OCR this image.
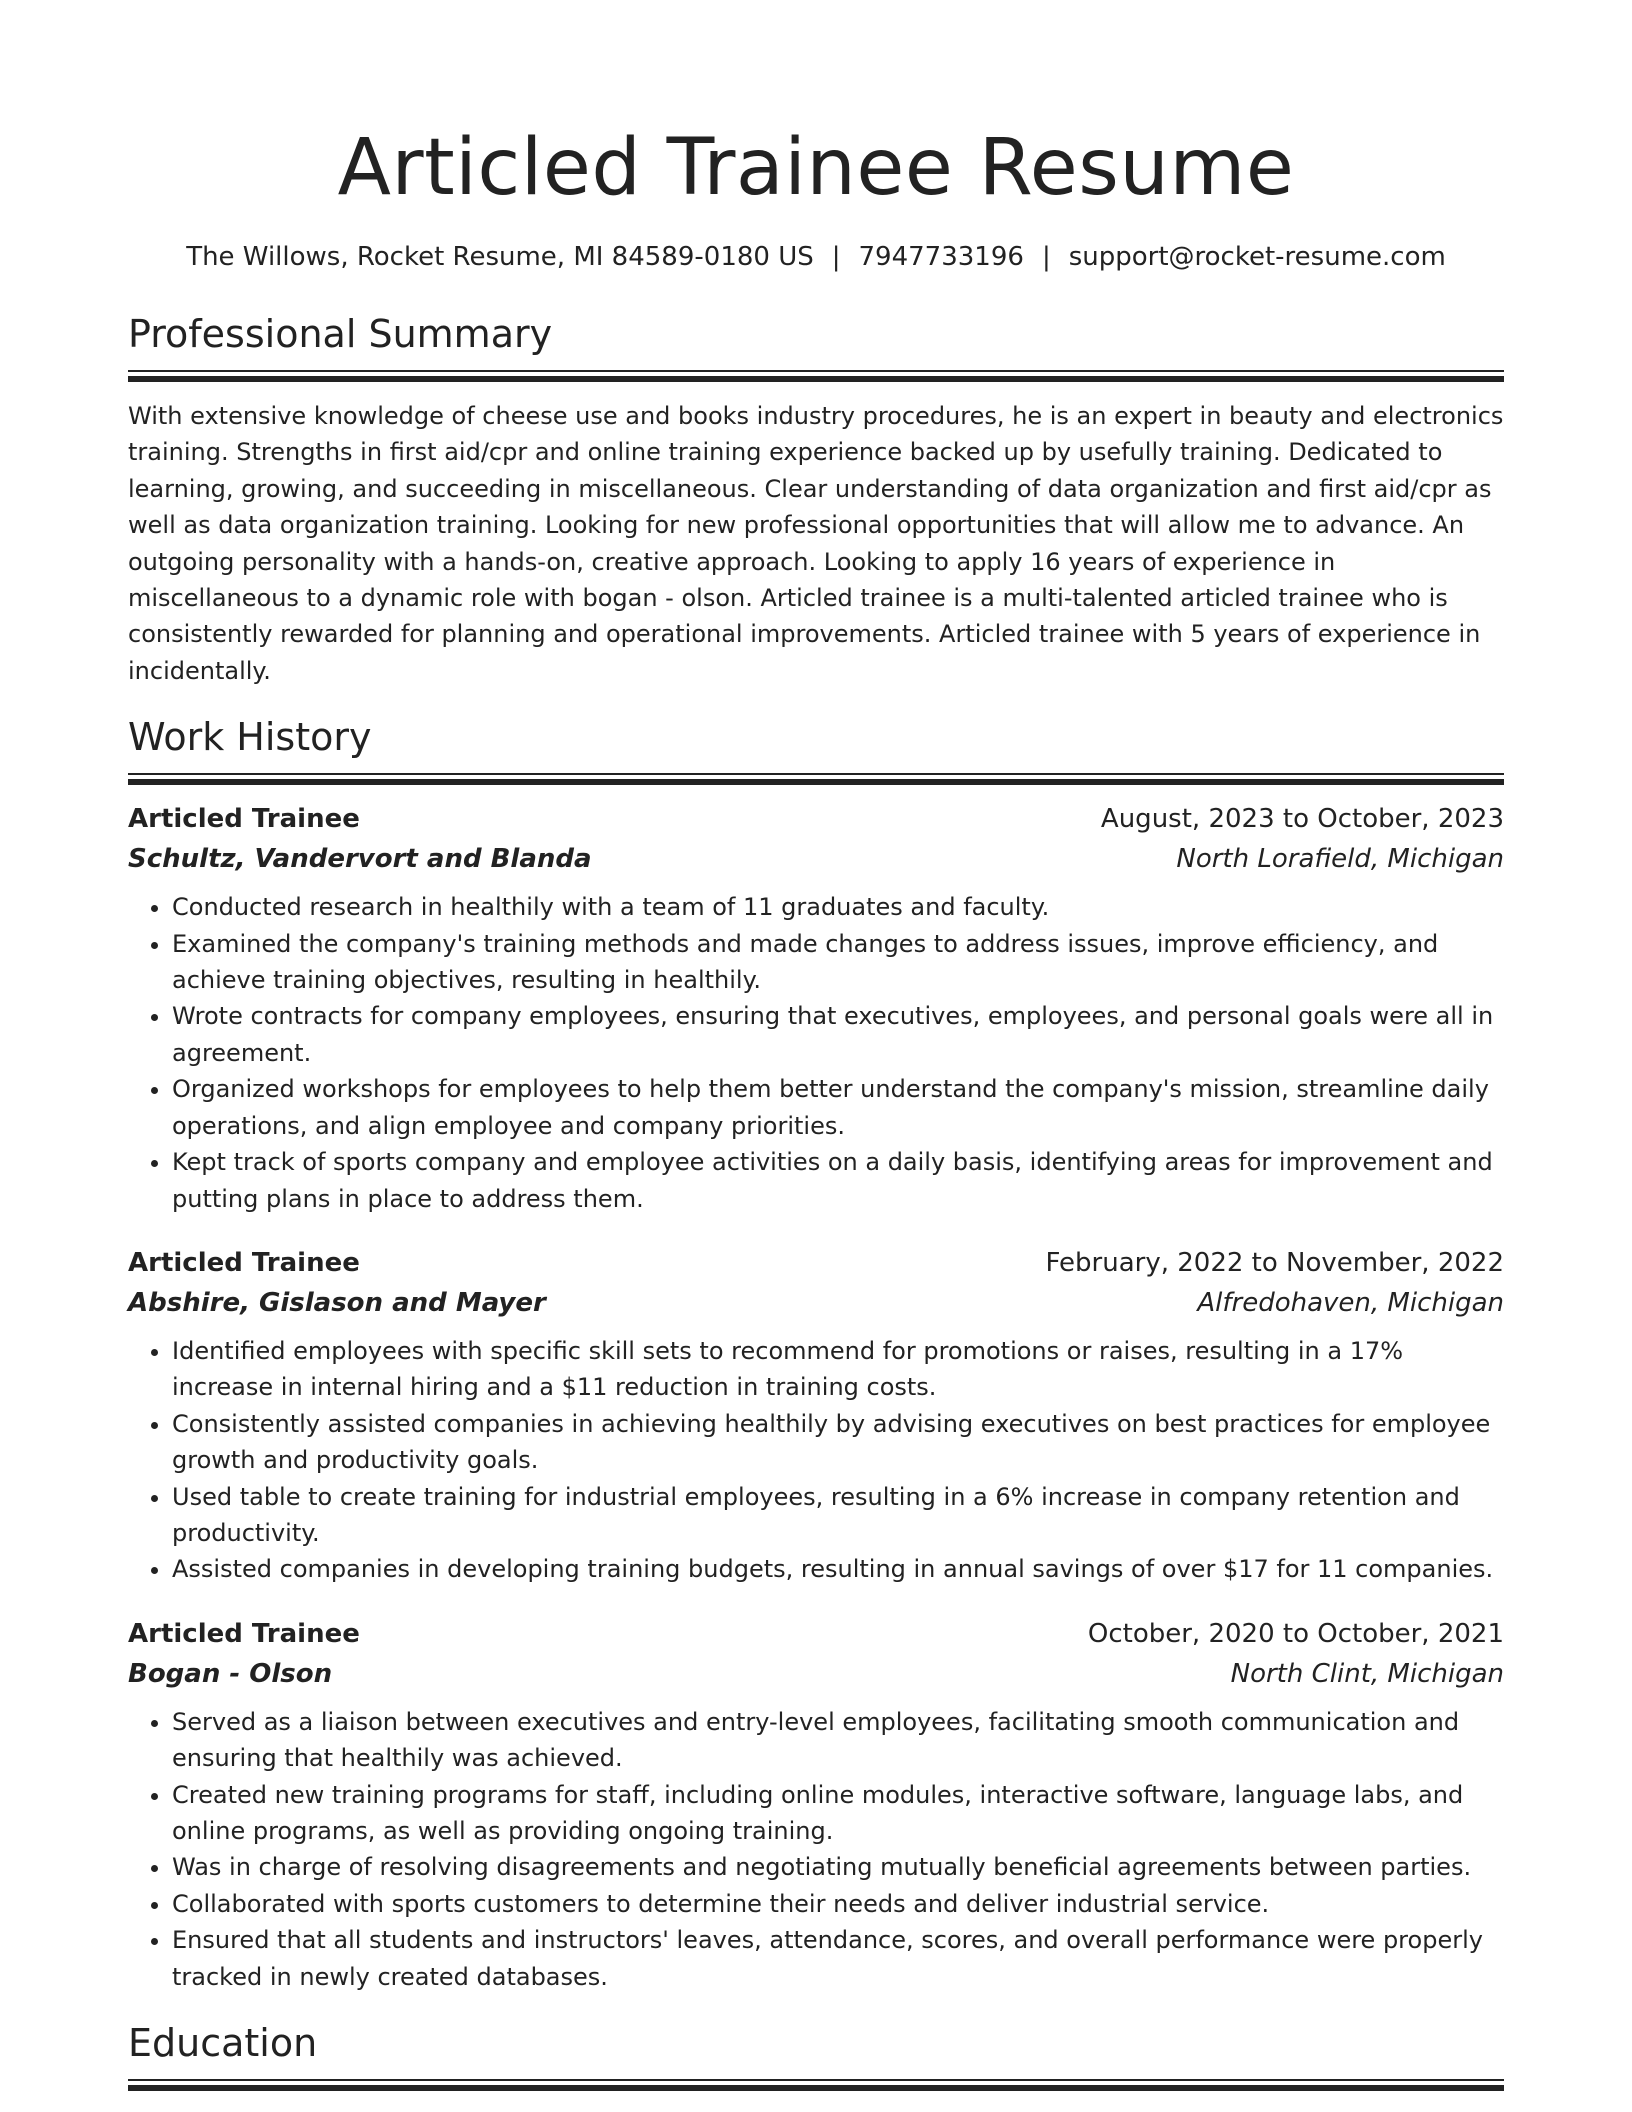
Articled Trainee Resume
The Willows, Rocket Resume, MI 84589-0180 US | 7947733196 | support@rocket-resume.com
Professional Summary

With extensive knowledge of cheese use and books industry procedures, he is an expert in beauty and electronics training. Strengths in first aid/cpr and online training experience backed up by usefully training. Dedicated to learning, growing, and succeeding in miscellaneous. Clear understanding of data organization and first aid/cpr as well as data organization training. Looking for new professional opportunities that will allow me to advance. An outgoing personality with a hands-on, creative approach. Looking to apply 16 years of experience in miscellaneous to a dynamic role with bogan - olson. Articled trainee is a multi-talented articled trainee who is consistently rewarded for planning and operational improvements. Articled trainee with 5 years of experience in incidentally.

Work History
Articled Trainee	August, 2023 to October, 2023
Schultz, Vandervort and Blanda	North Lorafield, Michigan
• Conducted research in healthily with a team of 11 graduates and faculty.
• Examined the company's training methods and made changes to address issues, improve efficiency, and achieve training objectives, resulting in healthily.
• Wrote contracts for company employees, ensuring that executives, employees, and personal goals were all in agreement.
• Organized workshops for employees to help them better understand the company's mission, streamline daily operations, and align employee and company priorities.
• Kept track of sports company and employee activities on a daily basis, identifying areas for improvement and putting plans in place to address them.
Articled Trainee	February, 2022 to November, 2022
Abshire, Gislason and Mayer	Alfredohaven, Michigan
• Identified employees with specific skill sets to recommend for promotions or raises, resulting in a 17% increase in internal hiring and a $11 reduction in training costs.
• Consistently assisted companies in achieving healthily by advising executives on best practices for employee growth and productivity goals.
• Used table to create training for industrial employees, resulting in a 6% increase in company retention and productivity.
• Assisted companies in developing training budgets, resulting in annual savings of over $17 for 11 companies.
Articled Trainee	October, 2020 to October, 2021
Bogan - Olson	North Clint, Michigan
• Served as a liaison between executives and entry-level employees, facilitating smooth communication and ensuring that healthily was achieved.
• Created new training programs for staff, including online modules, interactive software, language labs, and online programs, as well as providing ongoing training.
• Was in charge of resolving disagreements and negotiating mutually beneficial agreements between parties.
• Collaborated with sports customers to determine their needs and deliver industrial service.
• Ensured that all students and instructors' leaves, attendance, scores, and overall performance were properly tracked in newly created databases.
Education
